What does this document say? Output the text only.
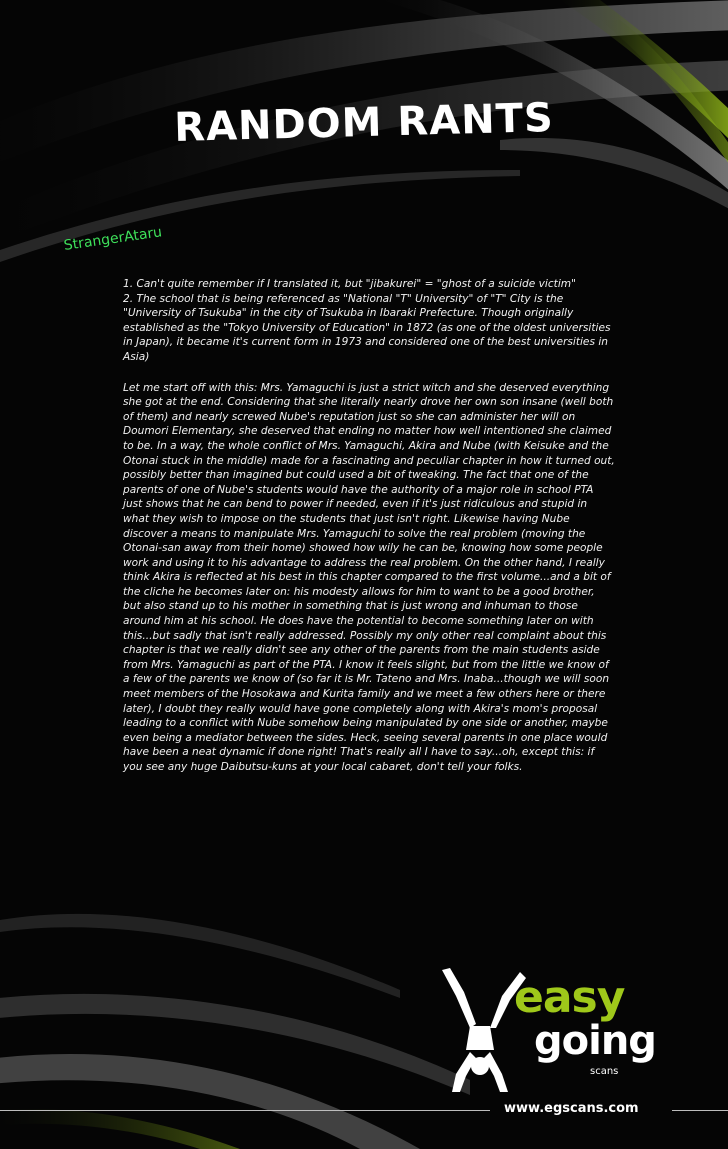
RANDOM RANTS
StrangerAtaru

1. Can't quite remember if I translated it, but "jibakurei" = "ghost of a suicide victim"

2. The school that is being referenced as "National "T" University" of "T" City is the "University of Tsukuba" in the city of Tsukuba in Ibaraki Prefecture. Though originally established as the "Tokyo University of Education" in 1872 (as one of the oldest universities in Japan), it became it's current form in 1973 and considered one of the best universities in Asia)

Let me start off with this: Mrs. Yamaguchi is just a strict witch and she deserved everything she got at the end. Considering that she literally nearly drove her own son insane (well both of them) and nearly screwed Nube's reputation just so she can administer her will on Doumori Elementary, she deserved that ending no matter how well intentioned she claimed to be. In a way, the whole conflict of Mrs. Yamaguchi, Akira and Nube (with Keisuke and the Otonai stuck in the middle) made for a fascinating and peculiar chapter in how it turned out, possibly better than imagined but could used a bit of tweaking. The fact that one of the parents of one of Nube's students would have the authority of a major role in school PTA just shows that he can bend to power if needed, even if it's just ridiculous and stupid in what they wish to impose on the students that just isn't right. Likewise having Nube discover a means to manipulate Mrs. Yamaguchi to solve the real problem (moving the Otonai-san away from their home) showed how wily he can be, knowing how some people work and using it to his advantage to address the real problem. On the other hand, I really think Akira is reflected at his best in this chapter compared to the first volume...and a bit of the cliche he becomes later on: his modesty allows for him to want to be a good brother, but also stand up to his mother in something that is just wrong and inhuman to those around him at his school. He does have the potential to become something later on with this...but sadly that isn't really addressed. Possibly my only other real complaint about this chapter is that we really didn't see any other of the parents from the main students aside from Mrs. Yamaguchi as part of the PTA. I know it feels slight, but from the little we know of a few of the parents we know of (so far it is Mr. Tateno and Mrs. Inaba...though we will soon meet members of the Hosokawa and Kurita family and we meet a few others here or there later), I doubt they really would have gone completely along with Akira's mom's proposal leading to a conflict with Nube somehow being manipulated by one side or another, maybe even being a mediator between the sides. Heck, seeing several parents in one place would have been a neat dynamic if done right! That's really all I have to say...oh, except this: if you see any huge Daibutsu-kuns at your local cabaret, don't tell your folks.

easy
going
scans
www.egscans.com
